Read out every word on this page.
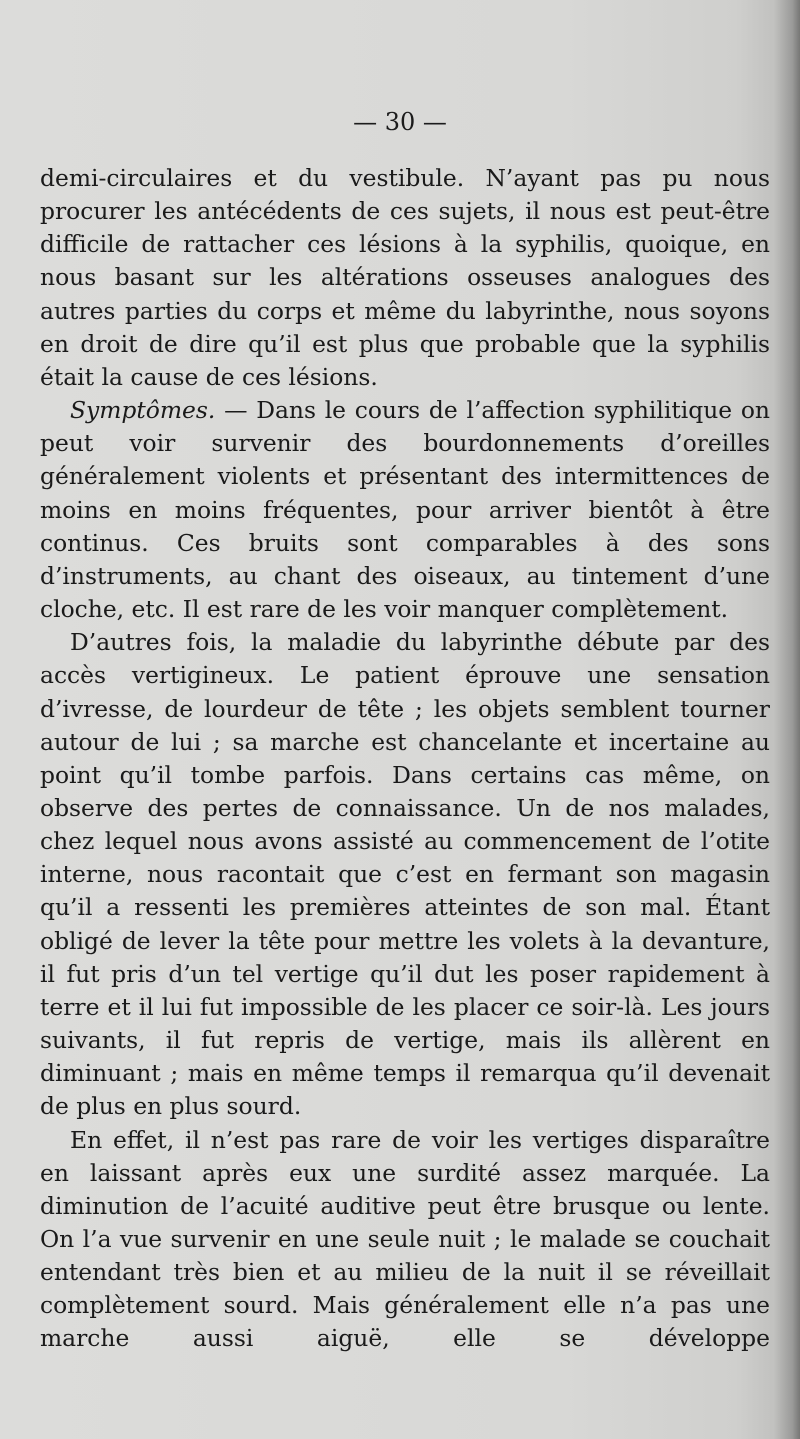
— 30 —

demi-circulaires et du vestibule. N’ayant pas pu nous procurer les antécédents de ces sujets, il nous est peut-être difficile de rattacher ces lésions à la syphilis, quoique, en nous basant sur les altérations osseuses analogues des autres parties du corps et même du labyrinthe, nous soyons en droit de dire qu’il est plus que probable que la syphilis était la cause de ces lésions.

Symptômes. — Dans le cours de l’affection syphilitique on peut voir survenir des bourdonnements d’oreilles généralement violents et présentant des intermittences de moins en moins fréquentes, pour arriver bientôt à être continus. Ces bruits sont comparables à des sons d’instruments, au chant des oiseaux, au tintement d’une cloche, etc. Il est rare de les voir manquer complètement.

D’autres fois, la maladie du labyrinthe débute par des accès vertigineux. Le patient éprouve une sensation d’ivresse, de lourdeur de tête ; les objets semblent tourner autour de lui ; sa marche est chancelante et incertaine au point qu’il tombe parfois. Dans certains cas même, on observe des pertes de connaissance. Un de nos malades, chez lequel nous avons assisté au commencement de l’otite interne, nous racontait que c’est en fermant son magasin qu’il a ressenti les premières atteintes de son mal. Étant obligé de lever la tête pour mettre les volets à la devanture, il fut pris d’un tel vertige qu’il dut les poser rapidement à terre et il lui fut impossible de les placer ce soir-là. Les jours suivants, il fut repris de vertige, mais ils allèrent en diminuant ; mais en même temps il remarqua qu’il devenait de plus en plus sourd.

En effet, il n’est pas rare de voir les vertiges disparaître en laissant après eux une surdité assez marquée. La diminution de l’acuité auditive peut être brusque ou lente. On l’a vue survenir en une seule nuit ; le malade se couchait entendant très bien et au milieu de la nuit il se réveillait complètement sourd. Mais généralement elle n’a pas une marche aussi aiguë, elle se développe
